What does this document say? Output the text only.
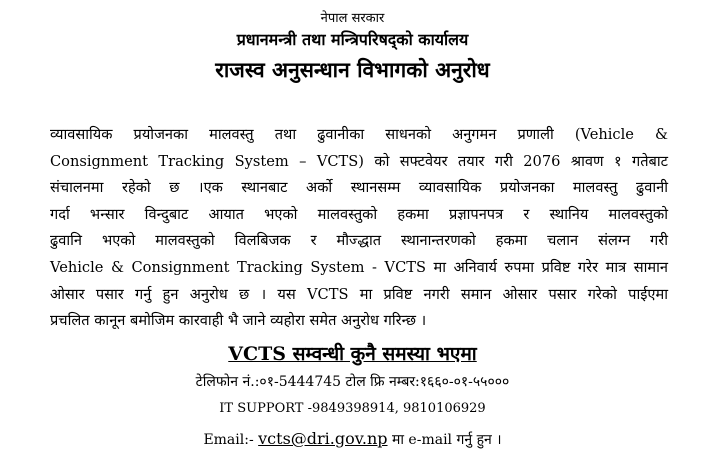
नेपाल सरकार
प्रधानमन्त्री तथा मन्त्रिपरिषद्को कार्यालय
राजस्व अनुसन्धान विभागको अनुरोध
व्यावसायिक प्रयोजनका मालवस्तु तथा ढुवानीका साधनको अनुगमन प्रणाली (Vehicle &
Consignment Tracking System – VCTS) को सफ्टवेयर तयार गरी 2076 श्रावण १ गतेबाट
संचालनमा रहेको छ ।एक स्थानबाट अर्को स्थानसम्म व्यावसायिक प्रयोजनका मालवस्तु ढुवानी
गर्दा भन्सार विन्दुबाट आयात भएको मालवस्तुको हकमा प्रज्ञापनपत्र र स्थानिय मालवस्तुको
ढुवानि भएको मालवस्तुको विलबिजक र मौज्द्धात स्थानान्तरणको हकमा चलान संलग्न गरी
Vehicle & Consignment Tracking System - VCTS मा अनिवार्य रुपमा प्रविष्ट गरेर मात्र सामान
ओसार पसार गर्नु हुन अनुरोध छ । यस VCTS मा प्रविष्ट नगरी समान ओसार पसार गरेको पाईएमा
प्रचलित कानून बमोजिम कारवाही भै जाने व्यहोरा समेत अनुरोध गरिन्छ ।
VCTS सम्वन्धी कुनै समस्या भएमा
टेलिफोन नं.:०१-5444745 टोल फ्रि नम्बर:१६६०-०१-५५०००
IT SUPPORT -9849398914, 9810106929
Email:- vcts@dri.gov.np मा e-mail गर्नु हुन ।
